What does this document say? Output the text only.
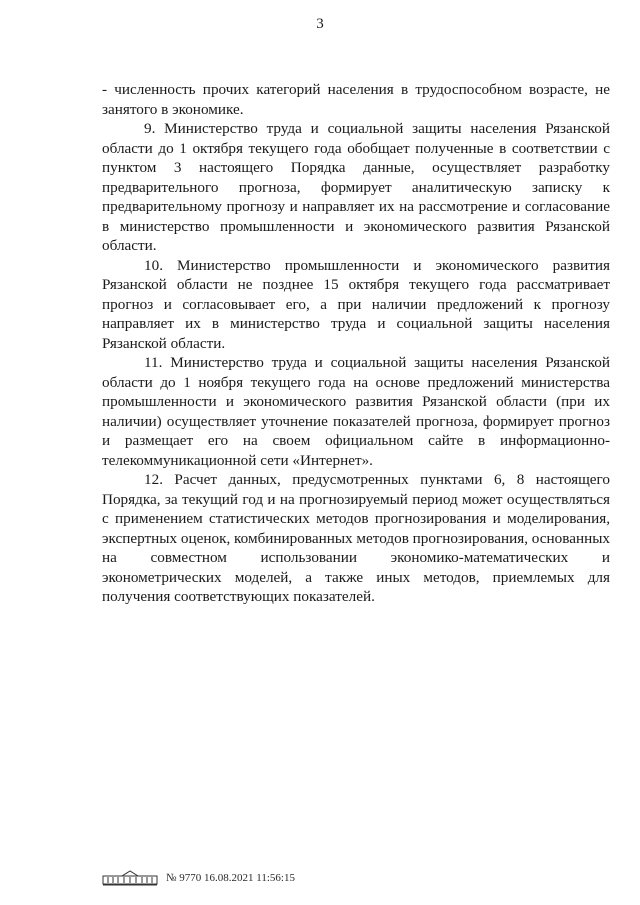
3

- численность прочих категорий населения в трудоспособном возрасте, не занятого в экономике.

9. Министерство труда и социальной защиты населения Рязанской области до 1 октября текущего года обобщает полученные в соответствии с пунктом 3 настоящего Порядка данные, осуществляет разработку предварительного прогноза, формирует аналитическую записку к предварительному прогнозу и направляет их на рассмотрение и согласование в министерство промышленности и экономического развития Рязанской области.

10. Министерство промышленности и экономического развития Рязанской области не позднее 15 октября текущего года рассматривает прогноз и согласовывает его, а при наличии предложений к прогнозу направляет их в министерство труда и социальной защиты населения Рязанской области.

11. Министерство труда и социальной защиты населения Рязанской области до 1 ноября текущего года на основе предложений министерства промышленности и экономического развития Рязанской области (при их наличии) осуществляет уточнение показателей прогноза, формирует прогноз и размещает его на своем официальном сайте в информационно-телекоммуникационной сети «Интернет».

12. Расчет данных, предусмотренных пунктами 6, 8 настоящего Порядка, за текущий год и на прогнозируемый период может осуществляться с применением статистических методов прогнозирования и моделирования, экспертных оценок, комбинированных методов прогнозирования, основанных на совместном использовании экономико-математических и эконометрических моделей, а также иных методов, приемлемых для получения соответствующих показателей.

№ 9770 16.08.2021 11:56:15
